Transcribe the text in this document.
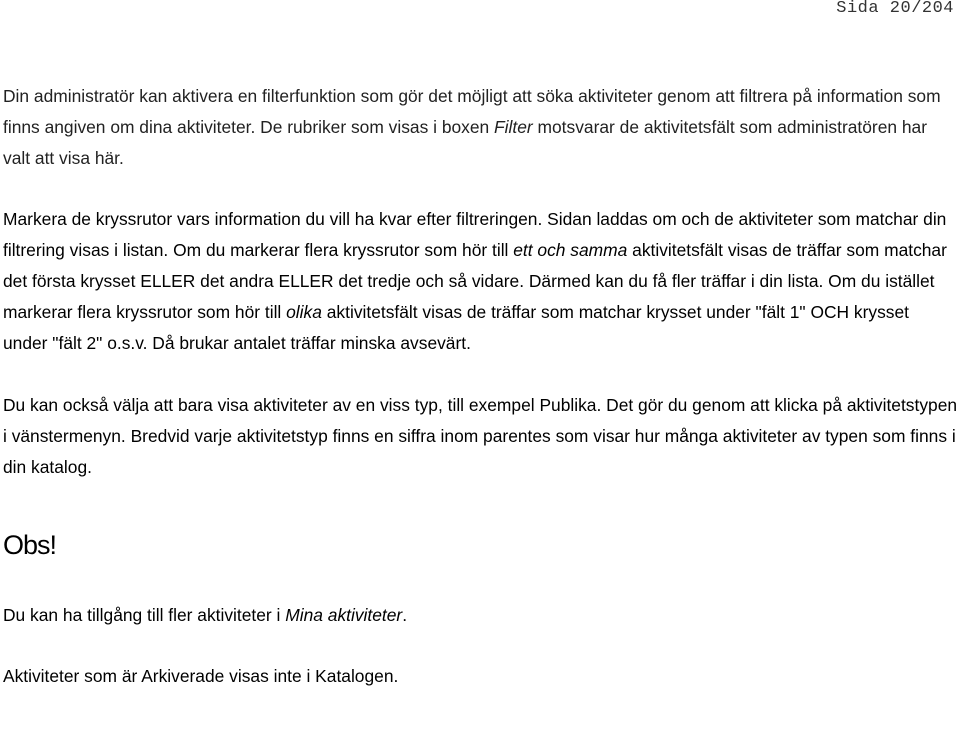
Sida 20/204

Din administratör kan aktivera en filterfunktion som gör det möjligt att söka aktiviteter genom att filtrera på information som finns angiven om dina aktiviteter. De rubriker som visas i boxen Filter motsvarar de aktivitetsfält som administratören har valt att visa här.

Markera de kryssrutor vars information du vill ha kvar efter filtreringen. Sidan laddas om och de aktiviteter som matchar din filtrering visas i listan. Om du markerar flera kryssrutor som hör till ett och samma aktivitetsfält visas de träffar som matchar det första krysset ELLER det andra ELLER det tredje och så vidare. Därmed kan du få fler träffar i din lista. Om du istället markerar flera kryssrutor som hör till olika aktivitetsfält visas de träffar som matchar krysset under "fält 1" OCH krysset under "fält 2" o.s.v. Då brukar antalet träffar minska avsevärt.

Du kan också välja att bara visa aktiviteter av en viss typ, till exempel Publika. Det gör du genom att klicka på aktivitetstypen i vänstermenyn. Bredvid varje aktivitetstyp finns en siffra inom parentes som visar hur många aktiviteter av typen som finns i din katalog.

Obs!

Du kan ha tillgång till fler aktiviteter i Mina aktiviteter.

Aktiviteter som är Arkiverade visas inte i Katalogen.
